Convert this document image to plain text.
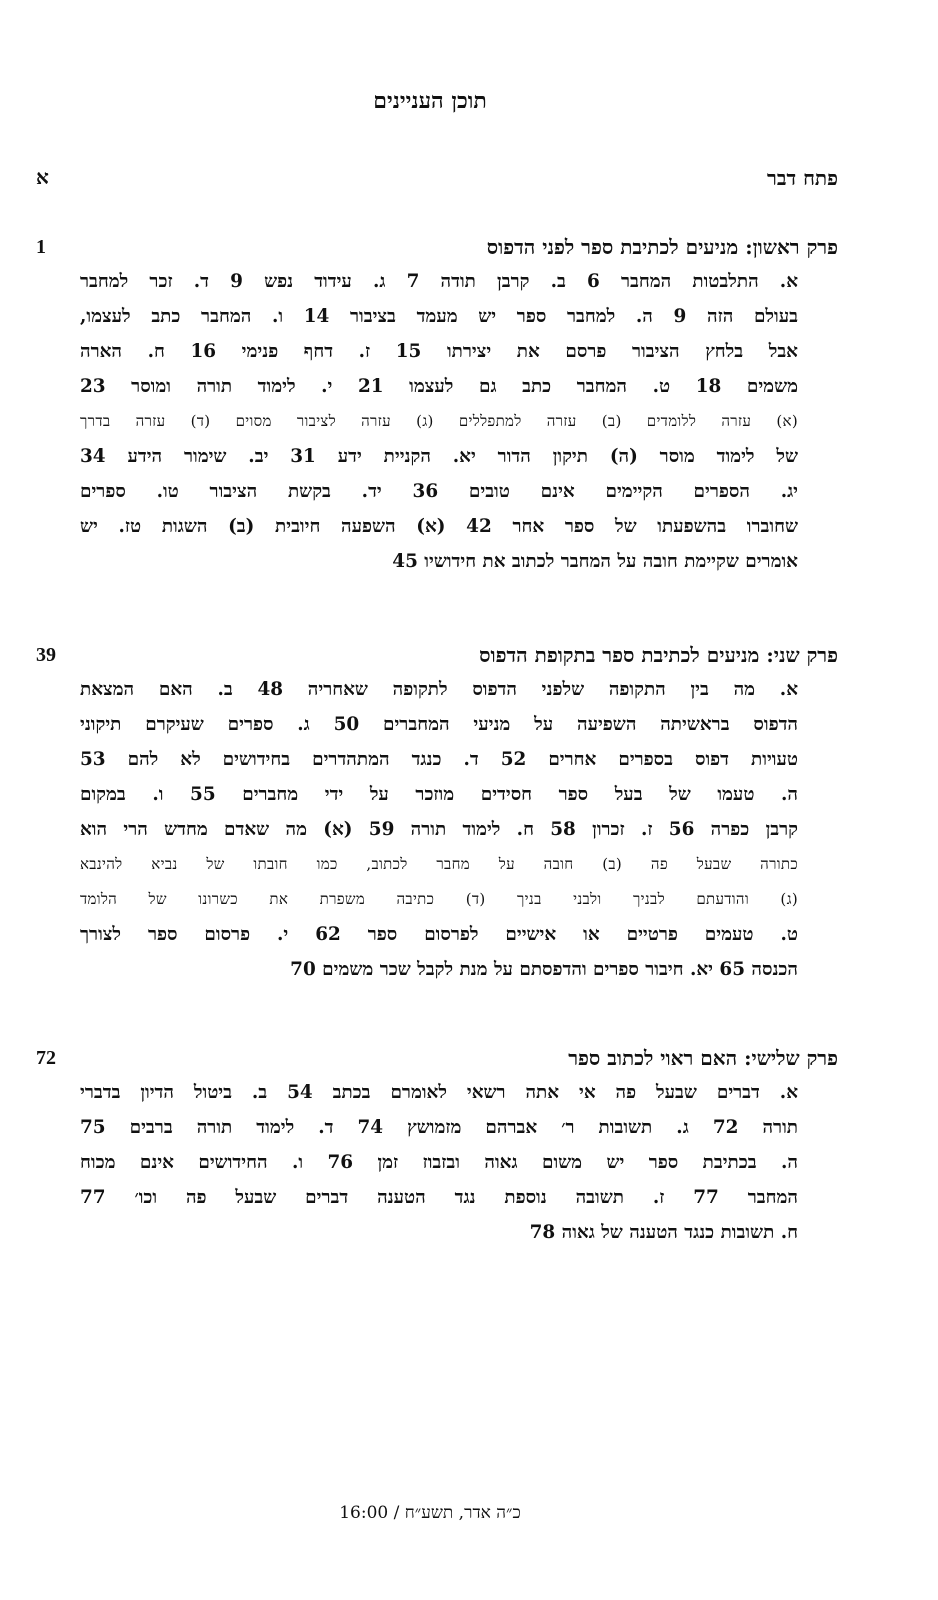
תוכן העניינים
פתח דבר
א
פרק ראשון: מניעים לכתיבת ספר לפני הדפוס
1
א. התלבטות המחבר 6 ב. קרבן תודה 7 ג. עידוד נפש 9 ד. זכר למחבר
בעולם הזה 9 ה. למחבר ספר יש מעמד בציבור 14 ו. המחבר כתב לעצמו,
אבל בלחץ הציבור פרסם את יצירתו 15 ז. דחף פנימי 16 ח. הארה
משמים 18 ט. המחבר כתב גם לעצמו 21 י. לימוד תורה ומוסר 23
(א) עזרה ללומדים (ב) עזרה למתפללים (ג) עזרה לציבור מסוים (ד) עזרה בדרך
של לימוד מוסר (ה) תיקון הדור יא. הקניית ידע 31 יב. שימור הידע 34
יג. הספרים הקיימים אינם טובים 36 יד. בקשת הציבור טו. ספרים
שחוברו בהשפעתו של ספר אחר 42 (א) השפעה חיובית (ב) השגות טז. יש
אומרים שקיימת חובה על המחבר לכתוב את חידושיו 45
פרק שני: מניעים לכתיבת ספר בתקופת הדפוס
39
א. מה בין התקופה שלפני הדפוס לתקופה שאחריה 48 ב. האם המצאת
הדפוס בראשיתה השפיעה על מניעי המחברים 50 ג. ספרים שעיקרם תיקוני
טעויות דפוס בספרים אחרים 52 ד. כנגד המתהדרים בחידושים לא להם 53
ה. טעמו של בעל ספר חסידים מוזכר על ידי מחברים 55 ו. במקום
קרבן כפרה 56 ז. זכרון 58 ח. לימוד תורה 59 (א) מה שאדם מחדש הרי הוא
כתורה שבעל פה (ב) חובה על מחבר לכתוב, כמו חובתו של נביא להינבא
(ג) והודעתם לבניך ולבני בניך (ד) כתיבה משפרת את כשרונו של הלומד
ט. טעמים פרטיים או אישיים לפרסום ספר 62 י. פרסום ספר לצורך
הכנסה 65 יא. חיבור ספרים והדפסתם על מנת לקבל שכר משמים 70
פרק שלישי: האם ראוי לכתוב ספר
72
א. דברים שבעל פה אי אתה רשאי לאומרם בכתב 54 ב. ביטול הדיון בדברי
תורה 72 ג. תשובות ר׳ אברהם מזמושץ 74 ד. לימוד תורה ברבים 75
ה. בכתיבת ספר יש משום גאוה ובזבוז זמן 76 ו. החידושים אינם מכוח
המחבר 77 ז. תשובה נוספת נגד הטענה דברים שבעל פה וכו׳ 77
ח. תשובות כנגד הטענה של גאוה 78
כ״ה אדר, תשע״ח / 16:00
